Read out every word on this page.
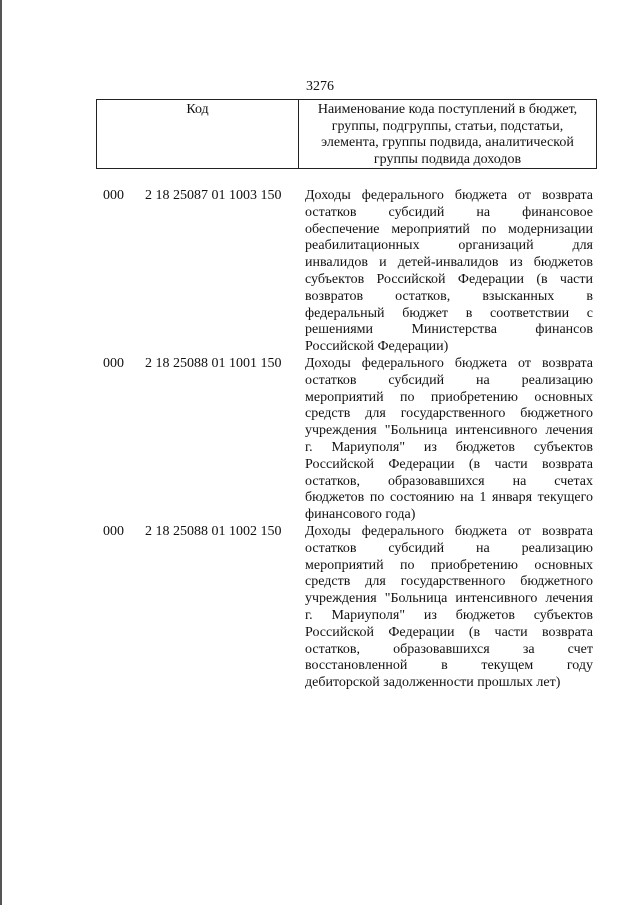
3276
Код	Наименование кода поступлений в бюджет,
группы, подгруппы, статьи, подстатьи,
элемента, группы подвида, аналитической
группы подвида доходов
000 2 18 25087 01 1003 150 Доходы федерального бюджета от возврата
остатков субсидий на финансовое
обеспечение мероприятий по модернизации
реабилитационных организаций для
инвалидов и детей-инвалидов из бюджетов
субъектов Российской Федерации (в части
возвратов остатков, взысканных в
федеральный бюджет в соответствии с
решениями Министерства финансов
Российской Федерации)
000 2 18 25088 01 1001 150 Доходы федерального бюджета от возврата
остатков субсидий на реализацию
мероприятий по приобретению основных
средств для государственного бюджетного
учреждения "Больница интенсивного лечения
г. Мариуполя" из бюджетов субъектов
Российской Федерации (в части возврата
остатков, образовавшихся на счетах
бюджетов по состоянию на 1 января текущего
финансового года)
000 2 18 25088 01 1002 150 Доходы федерального бюджета от возврата
остатков субсидий на реализацию
мероприятий по приобретению основных
средств для государственного бюджетного
учреждения "Больница интенсивного лечения
г. Мариуполя" из бюджетов субъектов
Российской Федерации (в части возврата
остатков, образовавшихся за счет
восстановленной в текущем году
дебиторской задолженности прошлых лет)
